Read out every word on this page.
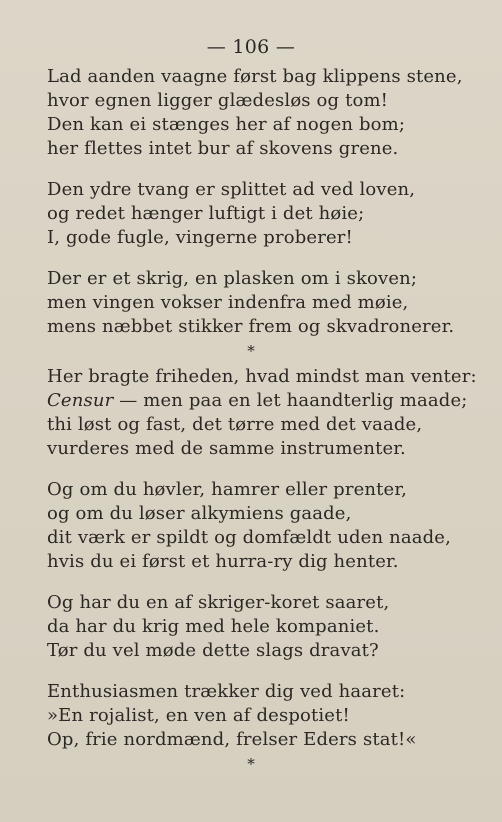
— 106 —
Lad aanden vaagne først bag klippens stene,
hvor egnen ligger glædesløs og tom!
Den kan ei stænges her af nogen bom;
her flettes intet bur af skovens grene.
Den ydre tvang er splittet ad ved loven,
og redet hænger luftigt i det høie;
I, gode fugle, vingerne proberer!
Der er et skrig, en plasken om i skoven;
men vingen vokser indenfra med møie,
mens næbbet stikker frem og skvadronerer.
*
Her bragte friheden, hvad mindst man venter:
Censur — men paa en let haandterlig maade;
thi løst og fast, det tørre med det vaade,
vurderes med de samme instrumenter.
Og om du høvler, hamrer eller prenter,
og om du løser alkymiens gaade,
dit værk er spildt og domfældt uden naade,
hvis du ei først et hurra-ry dig henter.
Og har du en af skriger-koret saaret,
da har du krig med hele kompaniet.
Tør du vel møde dette slags dravat?
Enthusiasmen trækker dig ved haaret:
»En rojalist, en ven af despotiet!
Op, frie nordmænd, frelser Eders stat!«
*
